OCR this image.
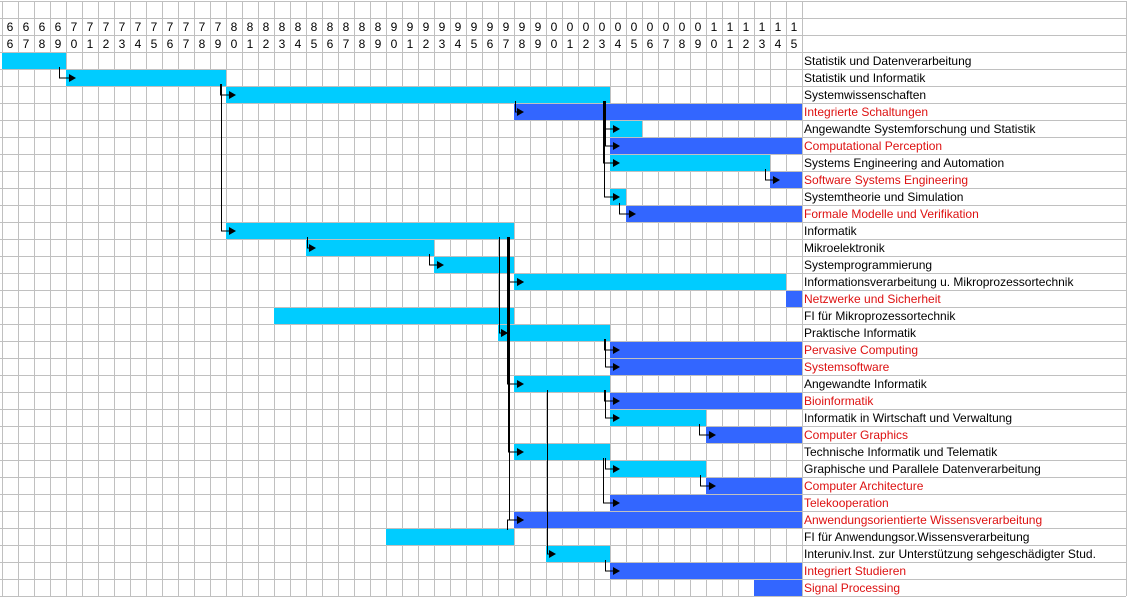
6 6 6 6 7 7 7 7 7 7 7 7 7 7 8 8 8 8 8 8 8 8 8 8 9 9 9 9 9 9 9 9 9 9 0 0 0 0 0 0 0 0 0 0 1 1 1 1 1 1
6 7 8 9 0 1 2 3 4 5 6 7 8 9 0 1 2 3 4 5 6 7 8 9 0 1 2 3 4 5 6 7 8 9 0 1 2 3 4 5 6 7 8 9 0 1 2 3 4 5
Statistik und Datenverarbeitung
Statistik und Informatik
Systemwissenschaften
Integrierte Schaltungen
Angewandte Systemforschung und Statistik
Computational Perception
Systems Engineering and Automation
Software Systems Engineering
Systemtheorie und Simulation
Formale Modelle und Verifikation
Informatik
Mikroelektronik
Systemprogrammierung
Informationsverarbeitung u. Mikroprozessortechnik
Netzwerke und Sicherheit
FI für Mikroprozessortechnik
Praktische Informatik
Pervasive Computing
Systemsoftware
Angewandte Informatik
Bioinformatik
Informatik in Wirtschaft und Verwaltung
Computer Graphics
Technische Informatik und Telematik
Graphische und Parallele Datenverarbeitung
Computer Architecture
Telekooperation
Anwendungsorientierte Wissensverarbeitung
FI für Anwendungsor.Wissensverarbeitung
Interuniv.Inst. zur Unterstützung sehgeschädigter Stud.
Integriert Studieren
Signal Processing
